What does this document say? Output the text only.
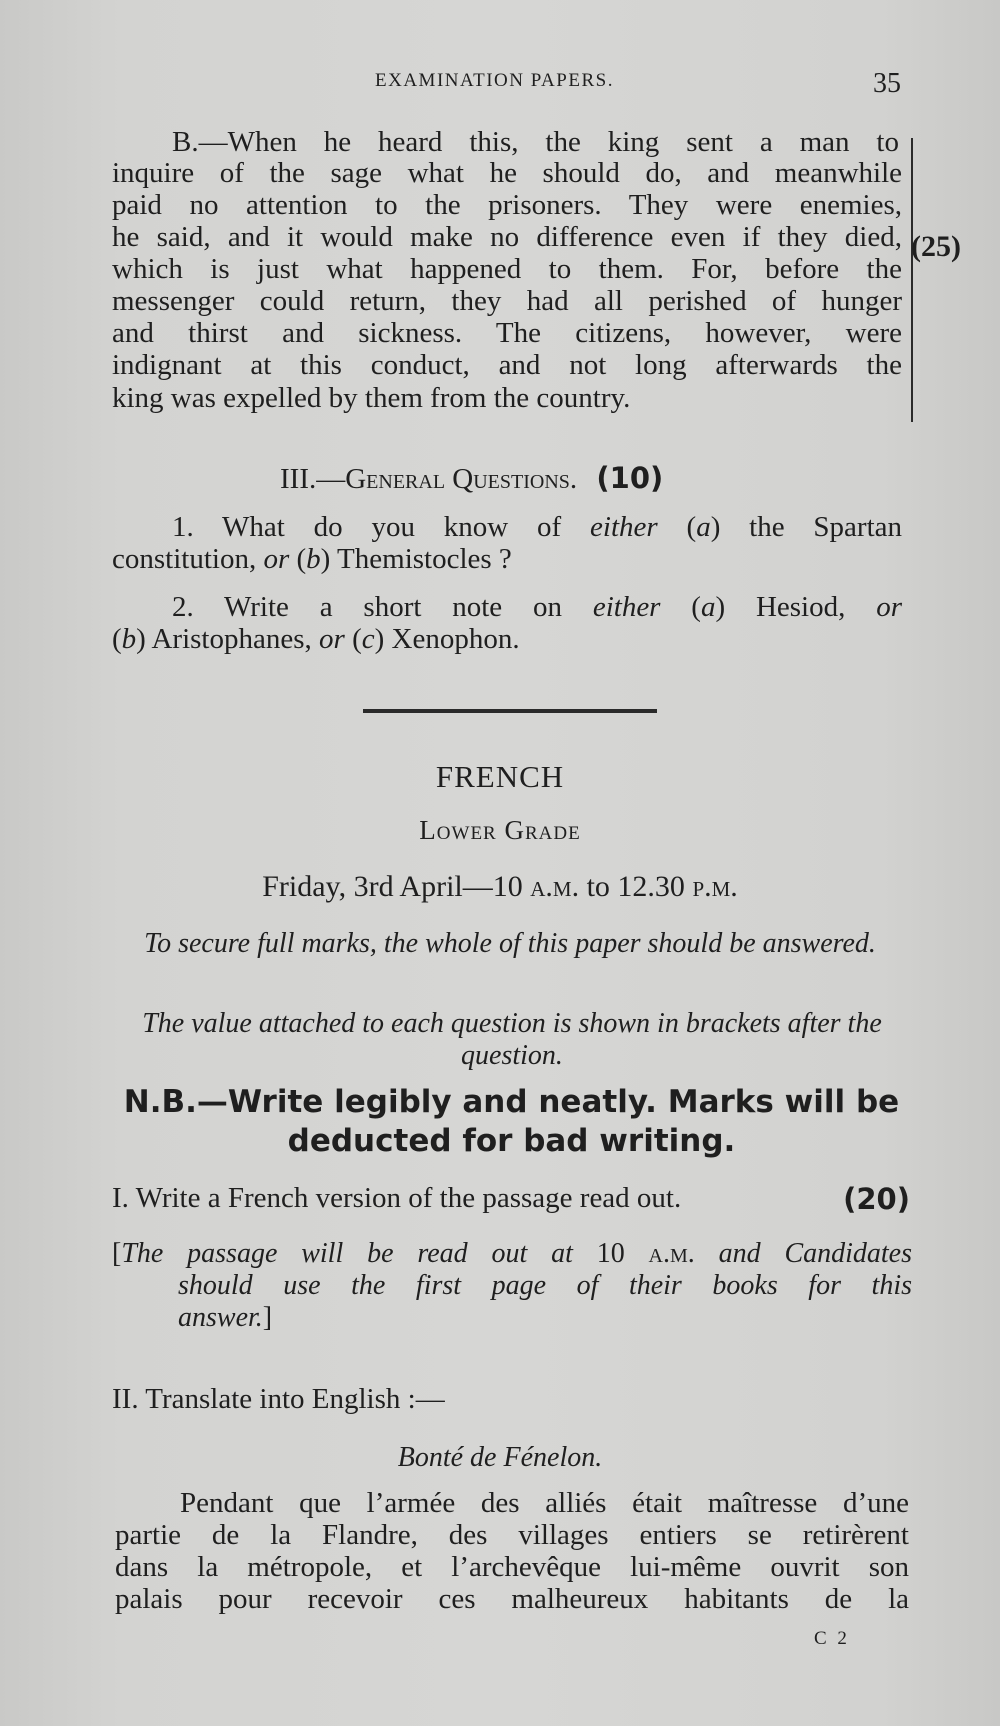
EXAMINATION PAPERS.	35
B.—When he heard this, the king sent a man to
inquire of the sage what he should do, and meanwhile
paid no attention to the prisoners. They were enemies,
he said, and it would make no difference even if they died,
which is just what happened to them. For, before the
messenger could return, they had all perished of hunger
and thirst and sickness. The citizens, however, were
indignant at this conduct, and not long afterwards the
king was expelled by them from the country.
(25)
III.—General Questions. (10)
1. What do you know of either (a) the Spartan
constitution, or (b) Themistocles ?
2. Write a short note on either (a) Hesiod, or
(b) Aristophanes, or (c) Xenophon.
FRENCH
Lower Grade
Friday, 3rd April—10 a.m. to 12.30 p.m.
To secure full marks, the whole of this paper should be answered.
The value attached to each question is shown in brackets after the question.
N.B.—Write legibly and neatly. Marks will be deducted for bad writing.
I. Write a French version of the passage read out.	(20)
[The passage will be read out at 10 a.m. and Candidates
should use the first page of their books for this
answer.]
II. Translate into English :—
Bonté de Fénelon.
Pendant que l’armée des alliés était maîtresse d’une
partie de la Flandre, des villages entiers se retirèrent
dans la métropole, et l’archevêque lui-même ouvrit son
palais pour recevoir ces malheureux habitants de la
C 2
